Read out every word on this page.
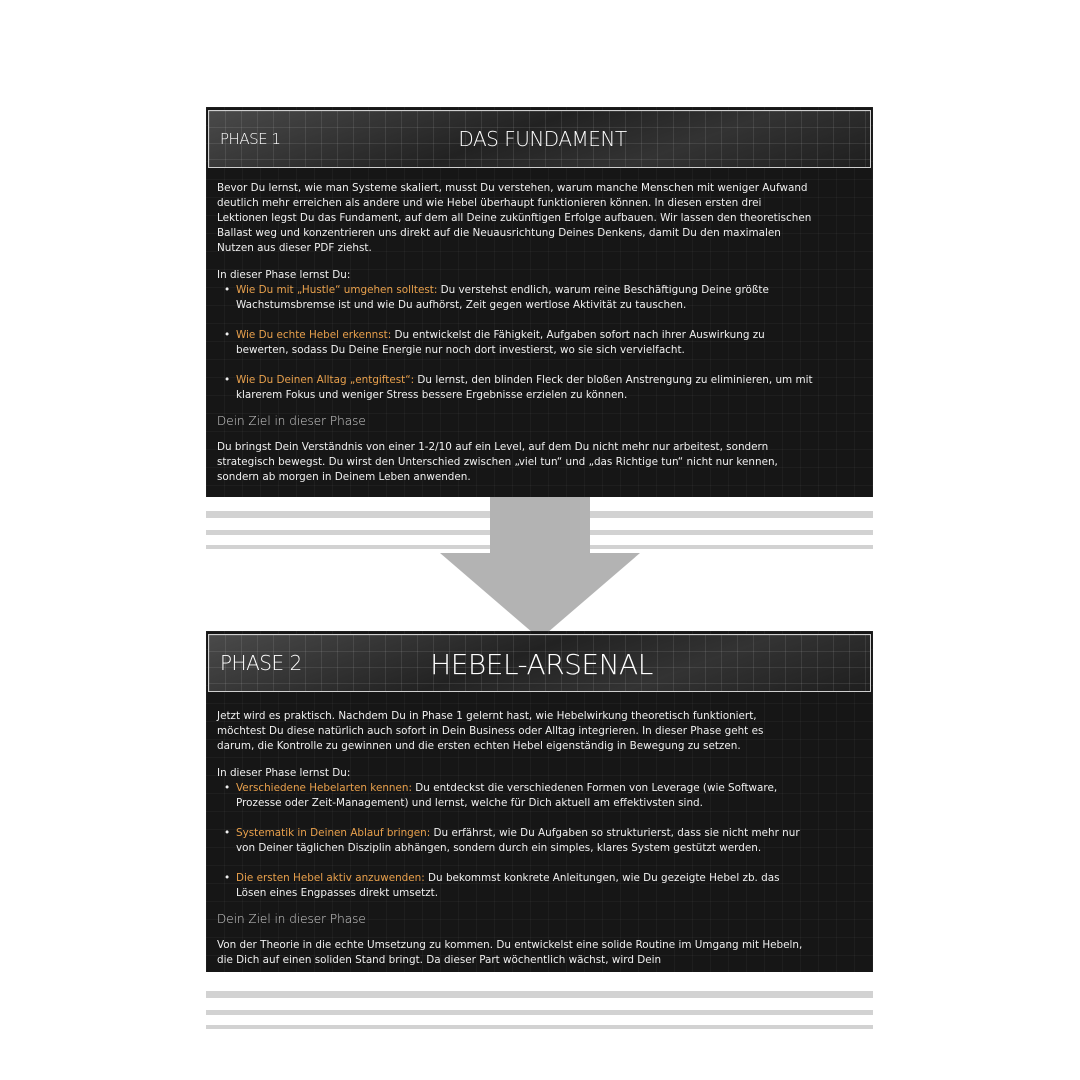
PHASE 1	DAS FUNDAMENT

Bevor Du lernst, wie man Systeme skaliert, musst Du verstehen, warum manche Menschen mit weniger Aufwand deutlich mehr erreichen als andere und wie Hebel überhaupt funktionieren können. In diesen ersten drei Lektionen legst Du das Fundament, auf dem all Deine zukünftigen Erfolge aufbauen. Wir lassen den theoretischen Ballast weg und konzentrieren uns direkt auf die Neuausrichtung Deines Denkens, damit Du den maximalen Nutzen aus dieser PDF ziehst.

In dieser Phase lernst Du:

• Wie Du mit „Hustle“ umgehen solltest: Du verstehst endlich, warum reine Beschäftigung Deine größte Wachstumsbremse ist und wie Du aufhörst, Zeit gegen wertlose Aktivität zu tauschen.
• Wie Du echte Hebel erkennst: Du entwickelst die Fähigkeit, Aufgaben sofort nach ihrer Auswirkung zu bewerten, sodass Du Deine Energie nur noch dort investierst, wo sie sich vervielfacht.
• Wie Du Deinen Alltag „entgiftest“: Du lernst, den blinden Fleck der bloßen Anstrengung zu eliminieren, um mit klarerem Fokus und weniger Stress bessere Ergebnisse erzielen zu können.
Dein Ziel in dieser Phase

Du bringst Dein Verständnis von einer 1-2/10 auf ein Level, auf dem Du nicht mehr nur arbeitest, sondern strategisch bewegst. Du wirst den Unterschied zwischen „viel tun“ und „das Richtige tun“ nicht nur kennen, sondern ab morgen in Deinem Leben anwenden.

PHASE 2	HEBEL-ARSENAL

Jetzt wird es praktisch. Nachdem Du in Phase 1 gelernt hast, wie Hebelwirkung theoretisch funktioniert, möchtest Du diese natürlich auch sofort in Dein Business oder Alltag integrieren. In dieser Phase geht es darum, die Kontrolle zu gewinnen und die ersten echten Hebel eigenständig in Bewegung zu setzen.

In dieser Phase lernst Du:

• Verschiedene Hebelarten kennen: Du entdeckst die verschiedenen Formen von Leverage (wie Software, Prozesse oder Zeit-Management) und lernst, welche für Dich aktuell am effektivsten sind.
• Systematik in Deinen Ablauf bringen: Du erfährst, wie Du Aufgaben so strukturierst, dass sie nicht mehr nur von Deiner täglichen Disziplin abhängen, sondern durch ein simples, klares System gestützt werden.
• Die ersten Hebel aktiv anzuwenden: Du bekommst konkrete Anleitungen, wie Du gezeigte Hebel zb. das Lösen eines Engpasses direkt umsetzt.
Dein Ziel in dieser Phase

Von der Theorie in die echte Umsetzung zu kommen. Du entwickelst eine solide Routine im Umgang mit Hebeln, die Dich auf einen soliden Stand bringt. Da dieser Part wöchentlich wächst, wird Dein
